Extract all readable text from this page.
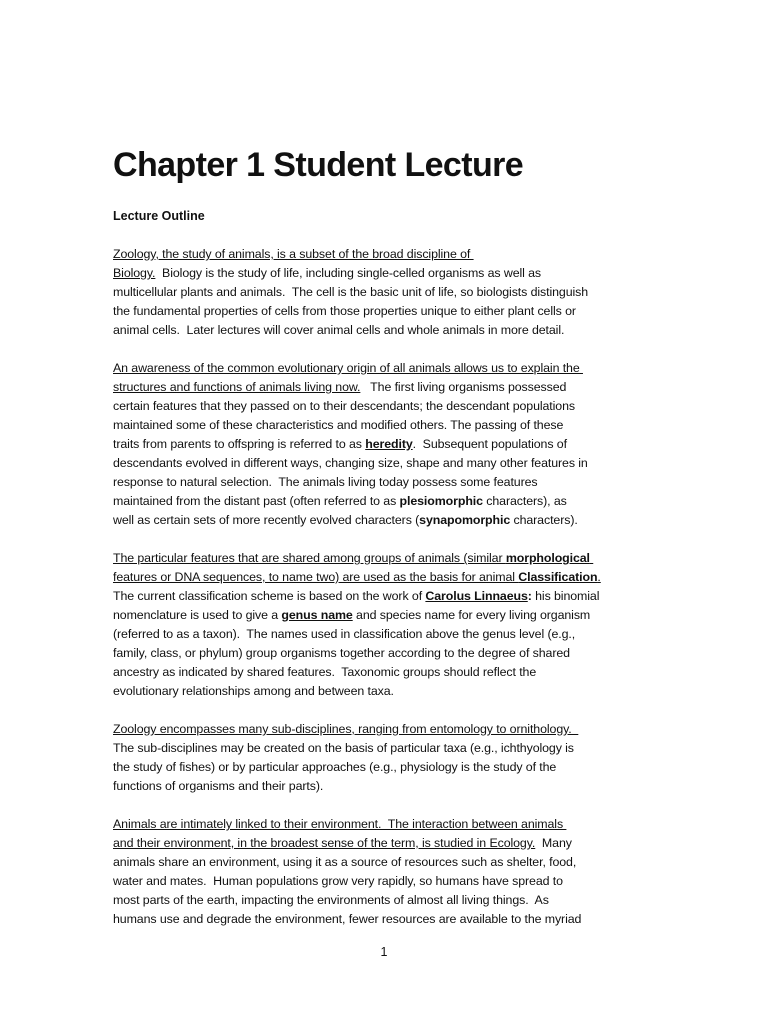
Chapter 1 Student Lecture
Lecture Outline
Zoology, the study of animals, is a subset of the broad discipline of
Biology.  Biology is the study of life, including single-celled organisms as well as
multicellular plants and animals.  The cell is the basic unit of life, so biologists distinguish
the fundamental properties of cells from those properties unique to either plant cells or
animal cells.  Later lectures will cover animal cells and whole animals in more detail.
An awareness of the common evolutionary origin of all animals allows us to explain the
structures and functions of animals living now.   The first living organisms possessed
certain features that they passed on to their descendants; the descendant populations
maintained some of these characteristics and modified others. The passing of these
traits from parents to offspring is referred to as heredity.  Subsequent populations of
descendants evolved in different ways, changing size, shape and many other features in
response to natural selection.  The animals living today possess some features
maintained from the distant past (often referred to as plesiomorphic characters), as
well as certain sets of more recently evolved characters (synapomorphic characters).
The particular features that are shared among groups of animals (similar morphological
features or DNA sequences, to name two) are used as the basis for animal Classification.
The current classification scheme is based on the work of Carolus Linnaeus: his binomial
nomenclature is used to give a genus name and species name for every living organism
(referred to as a taxon).  The names used in classification above the genus level (e.g.,
family, class, or phylum) group organisms together according to the degree of shared
ancestry as indicated by shared features.  Taxonomic groups should reflect the
evolutionary relationships among and between taxa.
Zoology encompasses many sub-disciplines, ranging from entomology to ornithology.
The sub-disciplines may be created on the basis of particular taxa (e.g., ichthyology is
the study of fishes) or by particular approaches (e.g., physiology is the study of the
functions of organisms and their parts).
Animals are intimately linked to their environment.  The interaction between animals
and their environment, in the broadest sense of the term, is studied in Ecology.  Many
animals share an environment, using it as a source of resources such as shelter, food,
water and mates.  Human populations grow very rapidly, so humans have spread to
most parts of the earth, impacting the environments of almost all living things.  As
humans use and degrade the environment, fewer resources are available to the myriad
1
